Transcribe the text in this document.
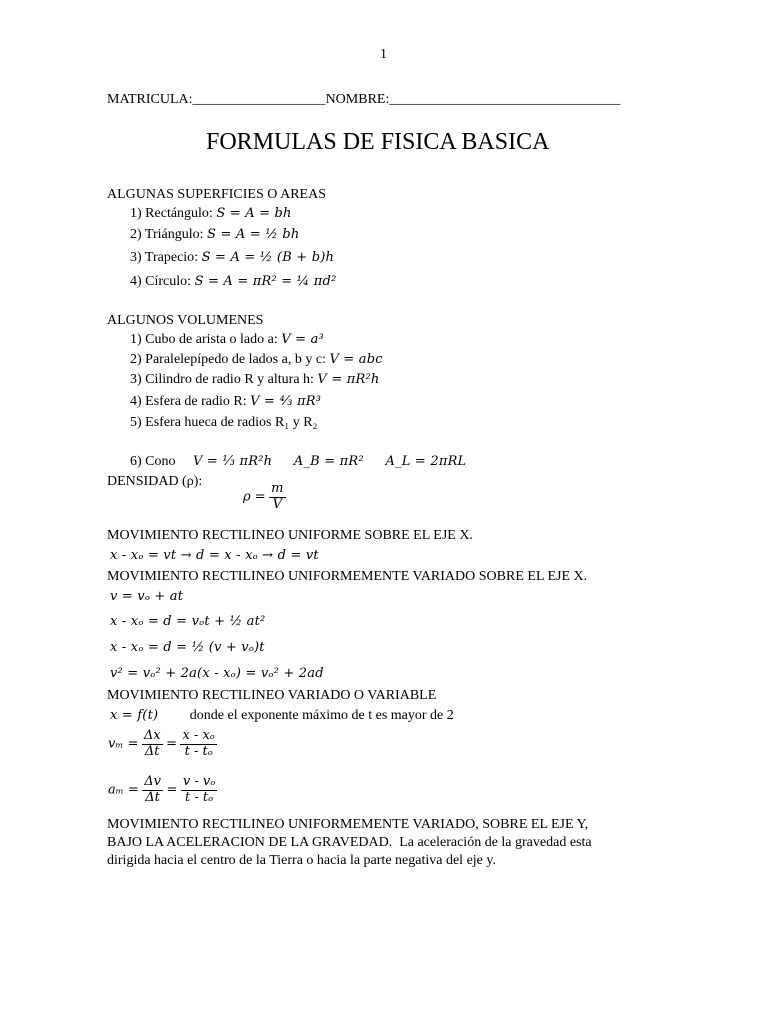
1
MATRICULA:___________________NOMBRE:_________________________________
FORMULAS DE FISICA BASICA
ALGUNAS SUPERFICIES O AREAS
1) Rectángulo: S = A = bh
2) Triángulo: S = A = ½ bh
3) Trapecio: S = A = ½ (B + b)h
4) Círculo: S = A = πR² = ¼ πd²
ALGUNOS VOLUMENES
1) Cubo de arista o lado a: V = a³
2) Paralelepípedo de lados a, b y c: V = abc
3) Cilindro de radio R y altura h: V = πR²h
4) Esfera de radio R: V = ⁴⁄₃ πR³
5) Esfera hueca de radios R₁ y R₂
6) Cono V = ⅓ πR²h     A_B = πR²     A_L = 2πRL
DENSIDAD (ρ):
$\rho = \frac{m}{V}$
MOVIMIENTO RECTILINEO UNIFORME SOBRE EL EJE X.
x - xₒ = vt → d = x - xₒ → d = vt
MOVIMIENTO RECTILINEO UNIFORMEMENTE VARIADO SOBRE EL EJE X.
v = vₒ + at
x - xₒ = d = vₒt + ½ at²
x - xₒ = d = ½ (v + vₒ)t
v² = vₒ² + 2a(x - xₒ) = vₒ² + 2ad
MOVIMIENTO RECTILINEO VARIADO O VARIABLE
x = f(t) donde el exponente máximo de t es mayor de 2
$v_m = \frac{\Delta x}{\Delta t} = \frac{\text{x - xₒ}}{\text{t - tₒ}}$
$a_m = \frac{\Delta v}{\Delta t} = \frac{\text{v - vₒ}}{\text{t - tₒ}}$
MOVIMIENTO RECTILINEO UNIFORMEMENTE VARIADO, SOBRE EL EJE Y,
BAJO LA ACELERACION DE LA GRAVEDAD.  La aceleración de la gravedad esta
dirigida hacia el centro de la Tierra o hacia la parte negativa del eje y.
